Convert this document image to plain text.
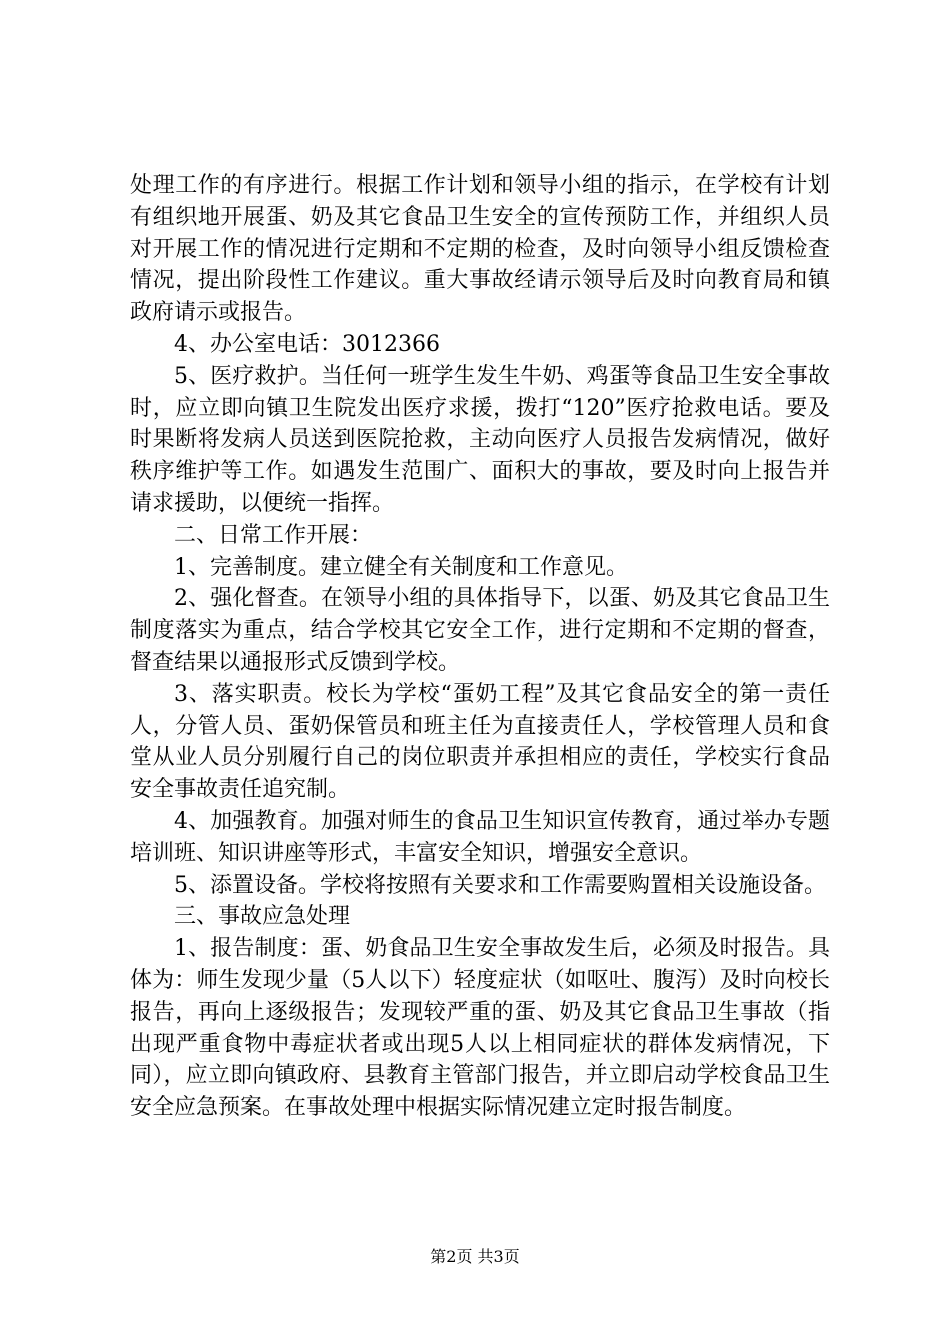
处理工作的有序进行。根据工作计划和领导小组的指示，在学校有计划有组织地开展蛋、奶及其它食品卫生安全的宣传预防工作，并组织人员对开展工作的情况进行定期和不定期的检查，及时向领导小组反馈检查情况，提出阶段性工作建议。重大事故经请示领导后及时向教育局和镇政府请示或报告。

4、办公室电话：3012366

5、医疗救护。当任何一班学生发生牛奶、鸡蛋等食品卫生安全事故时，应立即向镇卫生院发出医疗求援，拨打“120”医疗抢救电话。要及时果断将发病人员送到医院抢救，主动向医疗人员报告发病情况，做好秩序维护等工作。如遇发生范围广、面积大的事故，要及时向上报告并请求援助，以便统一指挥。

二、日常工作开展：

1、完善制度。建立健全有关制度和工作意见。

2、强化督查。在领导小组的具体指导下，以蛋、奶及其它食品卫生制度落实为重点，结合学校其它安全工作，进行定期和不定期的督查，督查结果以通报形式反馈到学校。

3、落实职责。校长为学校“蛋奶工程”及其它食品安全的第一责任人，分管人员、蛋奶保管员和班主任为直接责任人，学校管理人员和食堂从业人员分别履行自己的岗位职责并承担相应的责任，学校实行食品安全事故责任追究制。

4、加强教育。加强对师生的食品卫生知识宣传教育，通过举办专题培训班、知识讲座等形式，丰富安全知识，增强安全意识。

5、添置设备。学校将按照有关要求和工作需要购置相关设施设备。

三、事故应急处理

1、报告制度：蛋、奶食品卫生安全事故发生后，必须及时报告。具体为：师生发现少量（5人以下）轻度症状（如呕吐、腹泻）及时向校长报告，再向上逐级报告；发现较严重的蛋、奶及其它食品卫生事故（指出现严重食物中毒症状者或出现5人以上相同症状的群体发病情况，下同），应立即向镇政府、县教育主管部门报告，并立即启动学校食品卫生安全应急预案。在事故处理中根据实际情况建立定时报告制度。

第2页 共3页
